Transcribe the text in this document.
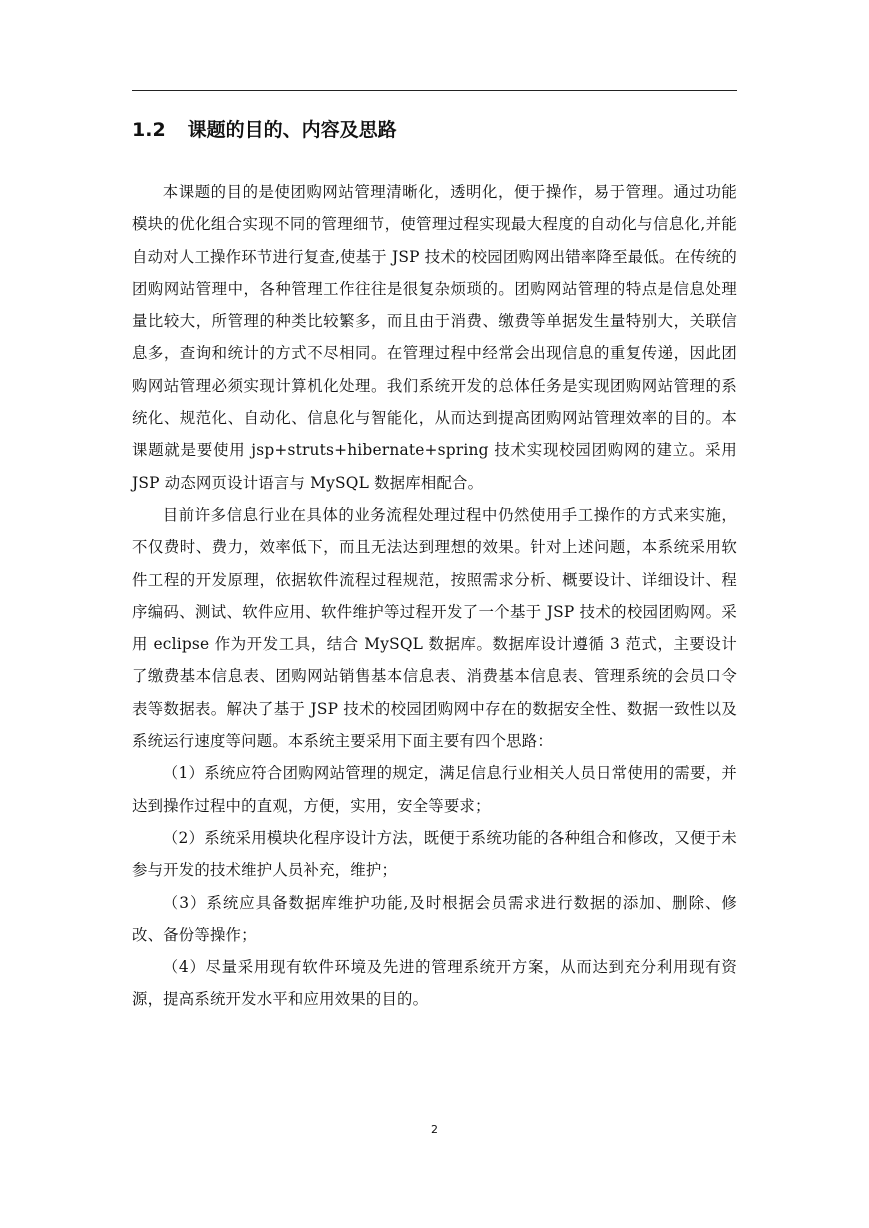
1.2 课题的目的、内容及思路

本课题的目的是使团购网站管理清晰化，透明化，便于操作，易于管理。通过功能模块的优化组合实现不同的管理细节，使管理过程实现最大程度的自动化与信息化,并能自动对人工操作环节进行复查,使基于 JSP 技术的校园团购网出错率降至最低。在传统的团购网站管理中，各种管理工作往往是很复杂烦琐的。团购网站管理的特点是信息处理量比较大，所管理的种类比较繁多，而且由于消费、缴费等单据发生量特别大，关联信息多，查询和统计的方式不尽相同。在管理过程中经常会出现信息的重复传递，因此团购网站管理必须实现计算机化处理。我们系统开发的总体任务是实现团购网站管理的系统化、规范化、自动化、信息化与智能化，从而达到提高团购网站管理效率的目的。本课题就是要使用 jsp+struts+hibernate+spring 技术实现校园团购网的建立。采用 JSP 动态网页设计语言与 MySQL 数据库相配合。

目前许多信息行业在具体的业务流程处理过程中仍然使用手工操作的方式来实施，不仅费时、费力，效率低下，而且无法达到理想的效果。针对上述问题，本系统采用软件工程的开发原理，依据软件流程过程规范，按照需求分析、概要设计、详细设计、程序编码、测试、软件应用、软件维护等过程开发了一个基于 JSP 技术的校园团购网。采用 eclipse 作为开发工具，结合 MySQL 数据库。数据库设计遵循 3 范式，主要设计了缴费基本信息表、团购网站销售基本信息表、消费基本信息表、管理系统的会员口令表等数据表。解决了基于 JSP 技术的校园团购网中存在的数据安全性、数据一致性以及系统运行速度等问题。本系统主要采用下面主要有四个思路：

（1）系统应符合团购网站管理的规定，满足信息行业相关人员日常使用的需要，并达到操作过程中的直观，方便，实用，安全等要求；

（2）系统采用模块化程序设计方法，既便于系统功能的各种组合和修改，又便于未参与开发的技术维护人员补充，维护；

（3）系统应具备数据库维护功能,及时根据会员需求进行数据的添加、删除、修改、备份等操作；

（4）尽量采用现有软件环境及先进的管理系统开方案，从而达到充分利用现有资源，提高系统开发水平和应用效果的目的。

2
